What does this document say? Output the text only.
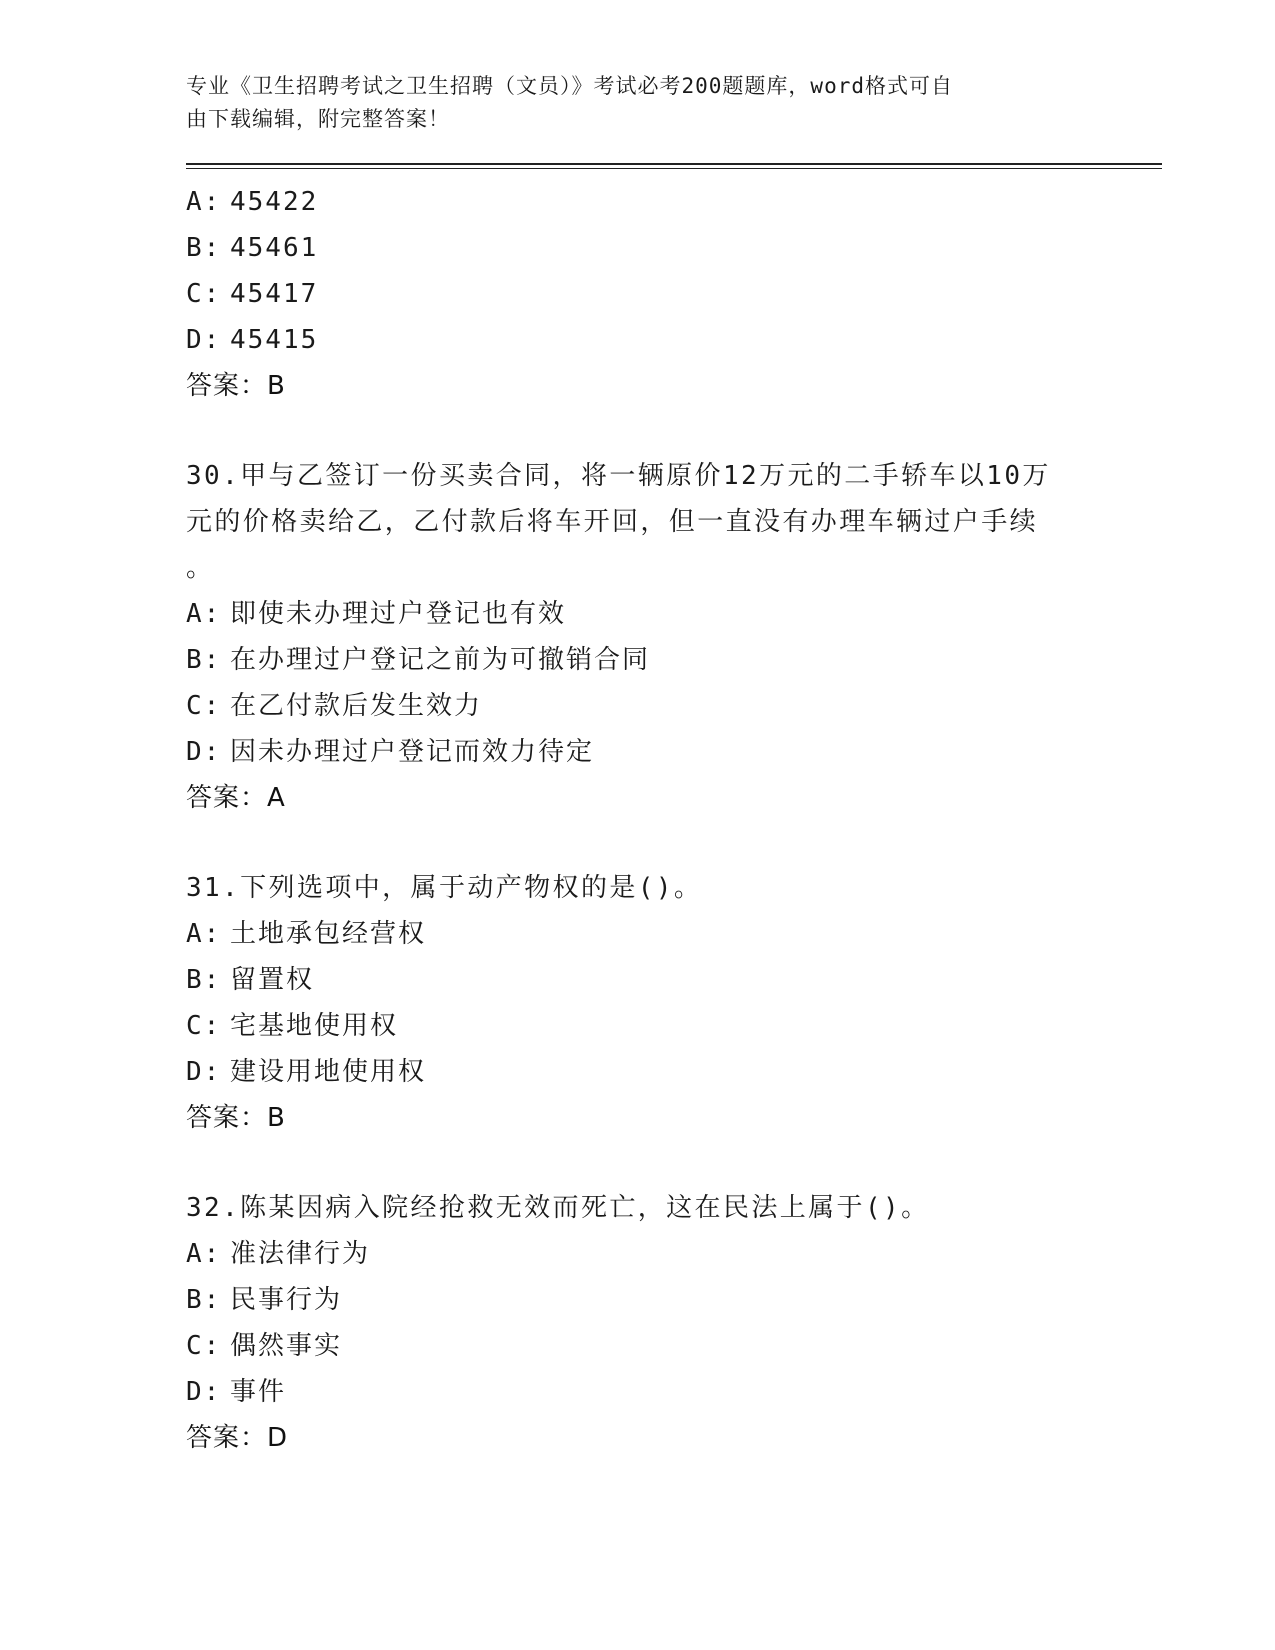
专业《卫生招聘考试之卫生招聘（文员）》考试必考200题题库，word格式可自
由下载编辑，附完整答案！
A: 45422
B: 45461
C: 45417
D: 45415
答案：B
30.甲与乙签订一份买卖合同，将一辆原价12万元的二手轿车以10万
元的价格卖给乙，乙付款后将车开回，但一直没有办理车辆过户手续
。
A: 即使未办理过户登记也有效
B: 在办理过户登记之前为可撤销合同
C: 在乙付款后发生效力
D: 因未办理过户登记而效力待定
答案：A
31.下列选项中，属于动产物权的是()。
A: 土地承包经营权
B: 留置权
C: 宅基地使用权
D: 建设用地使用权
答案：B
32.陈某因病入院经抢救无效而死亡，这在民法上属于()。
A: 准法律行为
B: 民事行为
C: 偶然事实
D: 事件
答案：D
